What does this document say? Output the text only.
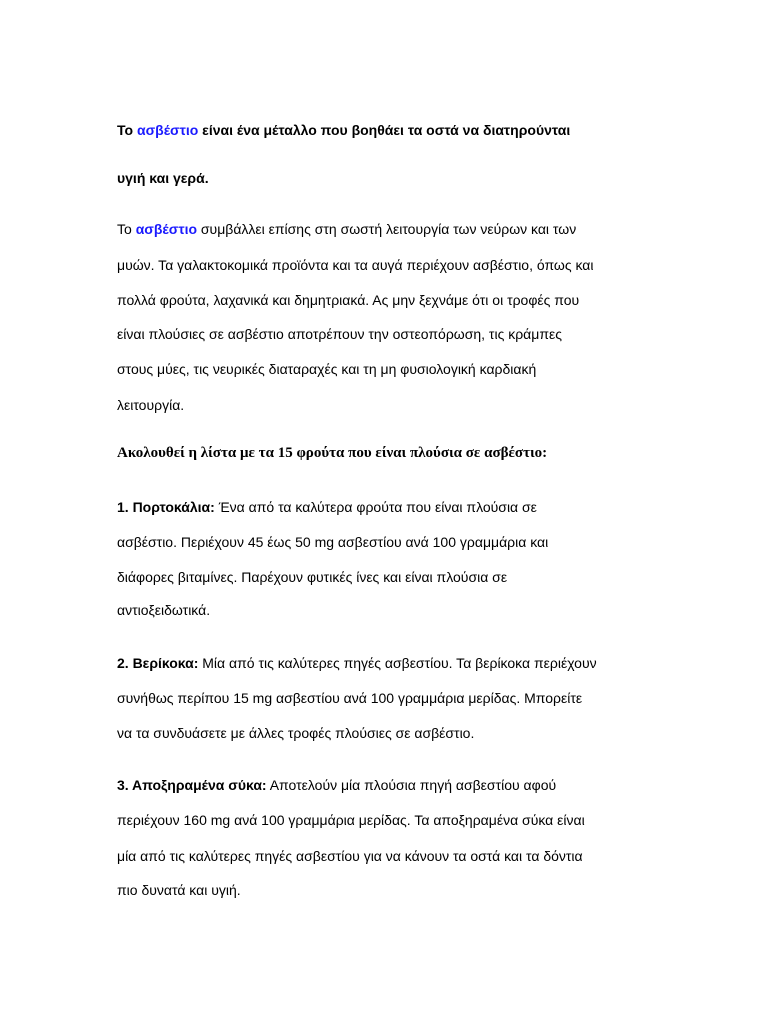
Το ασβέστιο είναι ένα μέταλλο που βοηθάει τα οστά να διατηρούνται
υγιή και γερά.
Το ασβέστιο συμβάλλει επίσης στη σωστή λειτουργία των νεύρων και των
μυών. Τα γαλακτοκομικά προϊόντα και τα αυγά περιέχουν ασβέστιο, όπως και
πολλά φρούτα, λαχανικά και δημητριακά. Ας μην ξεχνάμε ότι οι τροφές που
είναι πλούσιες σε ασβέστιο αποτρέπουν την οστεοπόρωση, τις κράμπες
στους μύες, τις νευρικές διαταραχές και τη μη φυσιολογική καρδιακή
λειτουργία.
Ακολουθεί η λίστα με τα 15 φρούτα που είναι πλούσια σε ασβέστιο:
1. Πορτοκάλια: Ένα από τα καλύτερα φρούτα που είναι πλούσια σε
ασβέστιο. Περιέχουν 45 έως 50 mg ασβεστίου ανά 100 γραμμάρια και
διάφορες βιταμίνες. Παρέχουν φυτικές ίνες και είναι πλούσια σε
αντιοξειδωτικά.
2. Βερίκοκα: Μία από τις καλύτερες πηγές ασβεστίου. Τα βερίκοκα περιέχουν
συνήθως περίπου 15 mg ασβεστίου ανά 100 γραμμάρια μερίδας. Μπορείτε
να τα συνδυάσετε με άλλες τροφές πλούσιες σε ασβέστιο.
3. Αποξηραμένα σύκα: Αποτελούν μία πλούσια πηγή ασβεστίου αφού
περιέχουν 160 mg ανά 100 γραμμάρια μερίδας. Τα αποξηραμένα σύκα είναι
μία από τις καλύτερες πηγές ασβεστίου για να κάνουν τα οστά και τα δόντια
πιο δυνατά και υγιή.
